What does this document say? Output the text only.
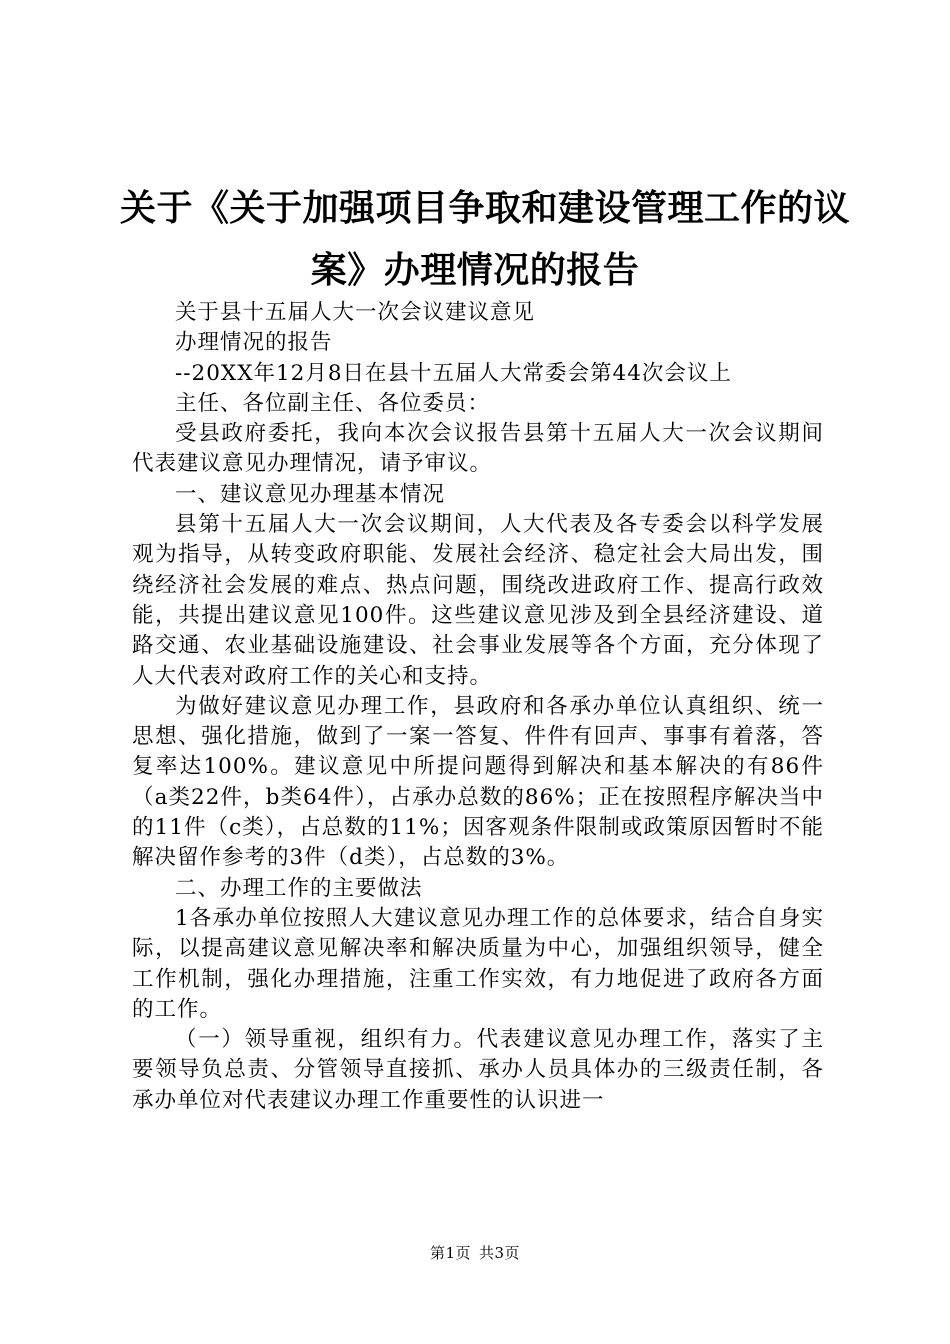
关于《关于加强项目争取和建设管理工作的议
案》办理情况的报告

关于县十五届人大一次会议建议意见

办理情况的报告

--20XX年12月8日在县十五届人大常委会第44次会议上

主任、各位副主任、各位委员：

受县政府委托，我向本次会议报告县第十五届人大一次会议期间代表建议意见办理情况，请予审议。

一、建议意见办理基本情况

县第十五届人大一次会议期间，人大代表及各专委会以科学发展观为指导，从转变政府职能、发展社会经济、稳定社会大局出发，围绕经济社会发展的难点、热点问题，围绕改进政府工作、提高行政效能，共提出建议意见100件。这些建议意见涉及到全县经济建设、道路交通、农业基础设施建设、社会事业发展等各个方面，充分体现了人大代表对政府工作的关心和支持。

为做好建议意见办理工作，县政府和各承办单位认真组织、统一思想、强化措施，做到了一案一答复、件件有回声、事事有着落，答复率达100%。建议意见中所提问题得到解决和基本解决的有86件（a类22件，b类64件），占承办总数的86%；正在按照程序解决当中的11件（c类），占总数的11%；因客观条件限制或政策原因暂时不能解决留作参考的3件（d类），占总数的3%。

二、办理工作的主要做法

1各承办单位按照人大建议意见办理工作的总体要求，结合自身实际，以提高建议意见解决率和解决质量为中心，加强组织领导，健全工作机制，强化办理措施，注重工作实效，有力地促进了政府各方面的工作。

（一）领导重视，组织有力。代表建议意见办理工作，落实了主要领导负总责、分管领导直接抓、承办人员具体办的三级责任制，各承办单位对代表建议办理工作重要性的认识进一

第1页 共3页
